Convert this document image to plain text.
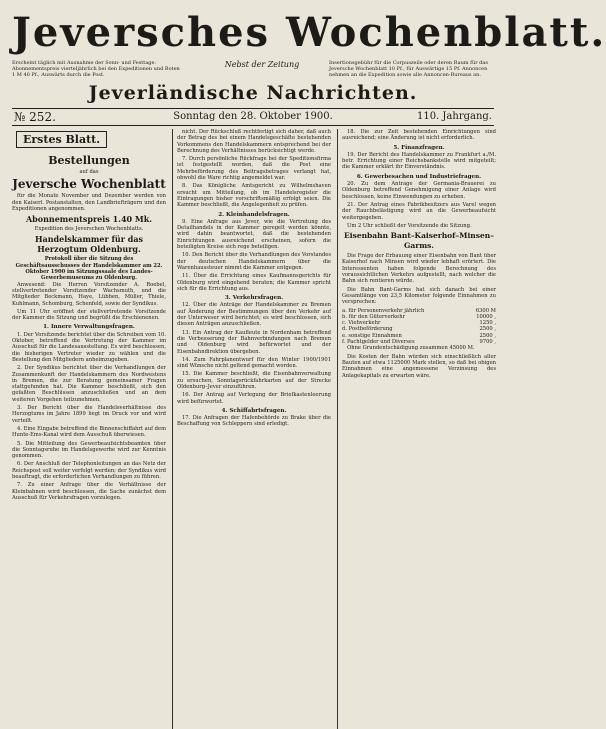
Jeversches Wochenblatt.
Erscheint täglich mit Ausnahme der Sonn- und Festtage. Abonnementspreis vierteljährlich bei den Expeditionen und Boten 1 M 40 Pf., Auswärts durch die Post.
Nebst der Zeitung	Insertionsgebühr für die Corpuszeile oder deren Raum für das Jeversche Wochenblatt 10 Pf., für Auswärtige 15 Pf. Annoncen nehmen an die Expedition sowie alle Annoncen-Bureaus an.
Jeverländische Nachrichten.
№ 252.	Sonntag den 28. Oktober 1900.	110. Jahrgang.
Erstes Blatt.
Bestellungen
auf das
Jeversche Wochenblatt

für die Monate November und Dezember werden von den Kaiserl. Postanstalten, den Landbriefträgern und den Expeditionen angenommen.

Abonnementspreis 1.40 Mk.
Expedition des Jeverschen Wochenblatts.
Handelskammer für das Herzogtum Oldenburg.
Protokoll über die Sitzung des Geschäftsausschusses der Handelskammer am 22. Oktober 1900 im Sitzungssaale des Landes-Gewerbemuseums zu Oldenburg.

Anwesend: Die Herren Vorsitzender A. Roebel, stellvertretender Vorsitzender Wachsmuth, und die Mitglieder Beckmann, Haye, Lübben, Müller, Thiele, Kuhlmann, Schomburg, Schenfeld, sowie der Syndikus.

Um 11 Uhr eröffnet der stellvertretende Vorsitzende der Kammer die Sitzung und begrüßt die Erschienenen.

1. Innere Verwaltungsfragen.

1. Der Vorsitzende berichtet über die Schreiben vom 10. Oktober, betreffend die Vertretung der Kammer im Ausschuß für die Landesausstellung. Es wird beschlossen, die bisherigen Vertreter wieder zu wählen und die Bestellung den Mitgliedern anheimzugeben.

2. Der Syndikus berichtet über die Verhandlungen der Zusammenkunft der Handelskammern des Nordwestens in Bremen, die zur Beratung gemeinsamer Fragen stattgefunden hat. Die Kammer beschließt, sich den gefaßten Beschlüssen anzuschließen und an dem weiteren Vorgehen teilzunehmen.

3. Der Bericht über die Handelsverhältnisse des Herzogtums im Jahre 1899 liegt im Druck vor und wird verteilt.

4. Eine Eingabe betreffend die Binnenschiffahrt auf dem Hunte-Ems-Kanal wird dem Ausschuß überwiesen.

5. Die Mitteilung des Gewerbeaufsichtsbeamten über die Sonntagsruhe im Handelsgewerbe wird zur Kenntnis genommen.

6. Der Anschluß der Telephonleitungen an das Netz der Reichspost soll weiter verfolgt werden; der Syndikus wird beauftragt, die erforderlichen Verhandlungen zu führen.

7. Zu einer Anfrage über die Verhältnisse der Kleinbahnen wird beschlossen, die Sache zunächst dem Ausschuß für Verkehrsfragen vorzulegen.

nicht. Der Rückschluß rechtfertigt sich daher, daß auch der Betrag des bei einem Handelsgeschäfte bestehenden Vorkommens den Handelskammern entsprechend bei der Berechnung des Verhältnisses berücksichtigt werde.

7. Durch persönliche Rückfrage bei der Speditionsfirma ist festgestellt worden, daß die Post eine Mehrbeförderung des Beitragsbetrages verlangt hat, obwohl die Ware richtig angemeldet war.

8. Das Königliche Amtsgericht zu Wilhelmshaven ersucht um Mitteilung, ob im Handelsregister die Eintragungen bisher vorschriftsmäßig erfolgt seien. Die Kammer beschließt, die Angelegenheit zu prüfen.

2. Kleinhandelsfragen.

9. Eine Anfrage aus Jever, wie die Vertretung des Detailhandels in der Kammer geregelt werden könnte, wird dahin beantwortet, daß die bestehenden Einrichtungen ausreichend erscheinen, sofern die beteiligten Kreise sich rege beteiligen.

10. Den Bericht über die Verhandlungen des Vorstandes der deutschen Handelskammern über die Warenhaussteuer nimmt die Kammer entgegen.

11. Über die Errichtung eines Kaufmannsgerichts für Oldenburg wird eingehend beraten; die Kammer spricht sich für die Errichtung aus.

3. Verkehrsfragen.

12. Über die Anträge der Handelskammer zu Bremen auf Änderung der Bestimmungen über den Verkehr auf der Unterweser wird berichtet; es wird beschlossen, sich diesen Anträgen anzuschließen.

13. Ein Antrag der Kaufleute in Nordenham betreffend die Verbesserung der Bahnverbindungen nach Bremen und Oldenburg wird befürwortet und der Eisenbahndirektion übergeben.

14. Zum Fahrplanentwurf für den Winter 1900/1901 sind Wünsche nicht geltend gemacht worden.

15. Die Kammer beschließt, die Eisenbahnverwaltung zu ersuchen, Sonntagsrückfahrkarten auf der Strecke Oldenburg–Jever einzuführen.

16. Der Antrag auf Verlegung der Briefkastenleerung wird befürwortet.

4. Schiffahrtsfragen.

17. Die Anfragen der Hafenbehörde zu Brake über die Beschaffung von Schleppern sind erledigt.

18. Die zur Zeit bestehenden Einrichtungen sind ausreichend; eine Änderung ist nicht erforderlich.

5. Finanzfragen.

19. Der Bericht des Handelskammer zu Frankfurt a./M. betr. Errichtung einer Reichsbankstelle wird mitgeteilt; die Kammer erklärt ihr Einverständnis.

6. Gewerbesachen und Industriefragen.

20. Zu dem Antrage der Germania-Brauerei zu Oldenburg betreffend Genehmigung einer Anlage wird beschlossen, keine Einwendungen zu erheben.

21. Der Antrag eines Fabrikbesitzers aus Varel wegen der Rauchbelästigung wird an die Gewerbeaufsicht weitergegeben.

Um 2 Uhr schließt der Vorsitzende die Sitzung.

Eisenbahn Bant–Kaiserhof–Minsen–Garms.

Die Frage der Erbauung einer Eisenbahn von Bant über Kaiserhof nach Minsen wird wieder lebhaft erörtert. Die Interessenten haben folgende Berechnung des voraussichtlichen Verkehrs aufgestellt, nach welcher die Bahn sich rentieren würde.

Die Bahn Bant-Garms hat sich danach bei einer Gesamtlänge von 23,5 Kilometer folgende Einnahmen zu versprechen:

a. für Personenverkehr jährlich	6300 M
b. für den Güterverkehr	10000 ,
c. Viehverkehr	1250 ,
d. Postbeförderung	2500 ,
e. sonstige Einnahmen	2500 ,
f. Pachtgelder und Diverses	9700 ,

Ohne Grundentschädigung zusammen 45000 M.

Die Kosten der Bahn würden sich einschließlich aller Bauten auf etwa 1125000 Mark stellen, so daß bei obigen Einnahmen eine angemessene Verzinsung des Anlagekapitals zu erwarten wäre.
